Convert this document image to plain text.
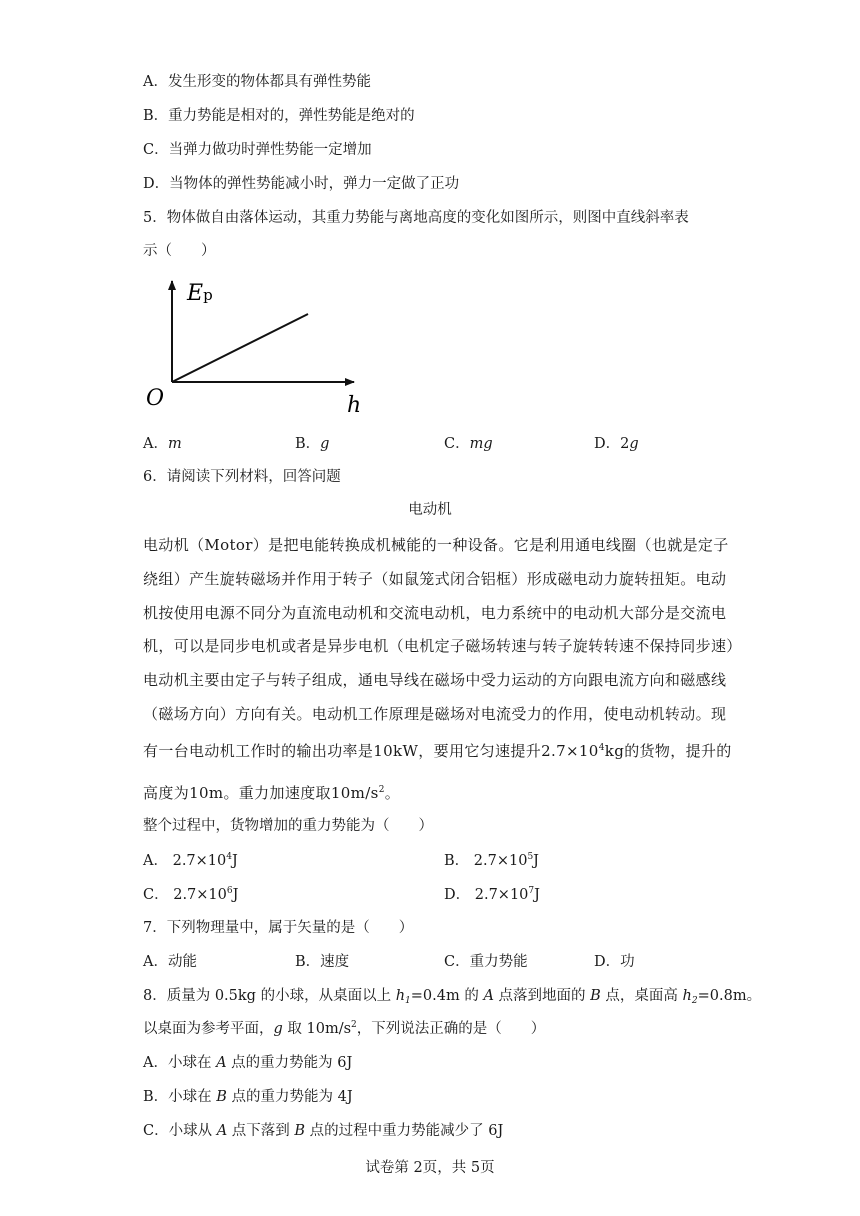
A．发生形变的物体都具有弹性势能
B．重力势能是相对的，弹性势能是绝对的
C．当弹力做功时弹性势能一定增加
D．当物体的弹性势能减小时，弹力一定做了正功
5．物体做自由落体运动，其重力势能与离地高度的变化如图所示，则图中直线斜率表
示（　　）
Ep
O	h
A．m	B．g	C．mg	D．2g
6．请阅读下列材料，回答问题
电动机
电动机（Motor）是把电能转换成机械能的一种设备。它是利用通电线圈（也就是定子
绕组）产生旋转磁场并作用于转子（如鼠笼式闭合铝框）形成磁电动力旋转扭矩。电动
机按使用电源不同分为直流电动机和交流电动机，电力系统中的电动机大部分是交流电
机，可以是同步电机或者是异步电机（电机定子磁场转速与转子旋转转速不保持同步速）
电动机主要由定子与转子组成，通电导线在磁场中受力运动的方向跟电流方向和磁感线
（磁场方向）方向有关。电动机工作原理是磁场对电流受力的作用，使电动机转动。现
有一台电动机工作时的输出功率是10kW，要用它匀速提升$2.7\times 10^4kg$的货物，提升的
高度为10m。重力加速度取$10m/s^2$。
整个过程中，货物增加的重力势能为（　　）
A． $2.7\times 10^4J$	B． $2.7\times 10^5J$
C． $2.7\times 10^6J$	D． $2.7\times 10^7J$
7．下列物理量中，属于矢量的是（　　）
A．动能	B．速度	C．重力势能	D．功
8．质量为 0.5kg 的小球，从桌面以上 $h_1=0.4m$ 的 A 点落到地面的 B 点，桌面高 $h_2=0.8m$。
以桌面为参考平面，g 取 $10m/s^2$，下列说法正确的是（　　）
A．小球在 A 点的重力势能为 6J
B．小球在 B 点的重力势能为 4J
C．小球从 A 点下落到 B 点的过程中重力势能减少了 6J
试卷第 2页，共 5页
